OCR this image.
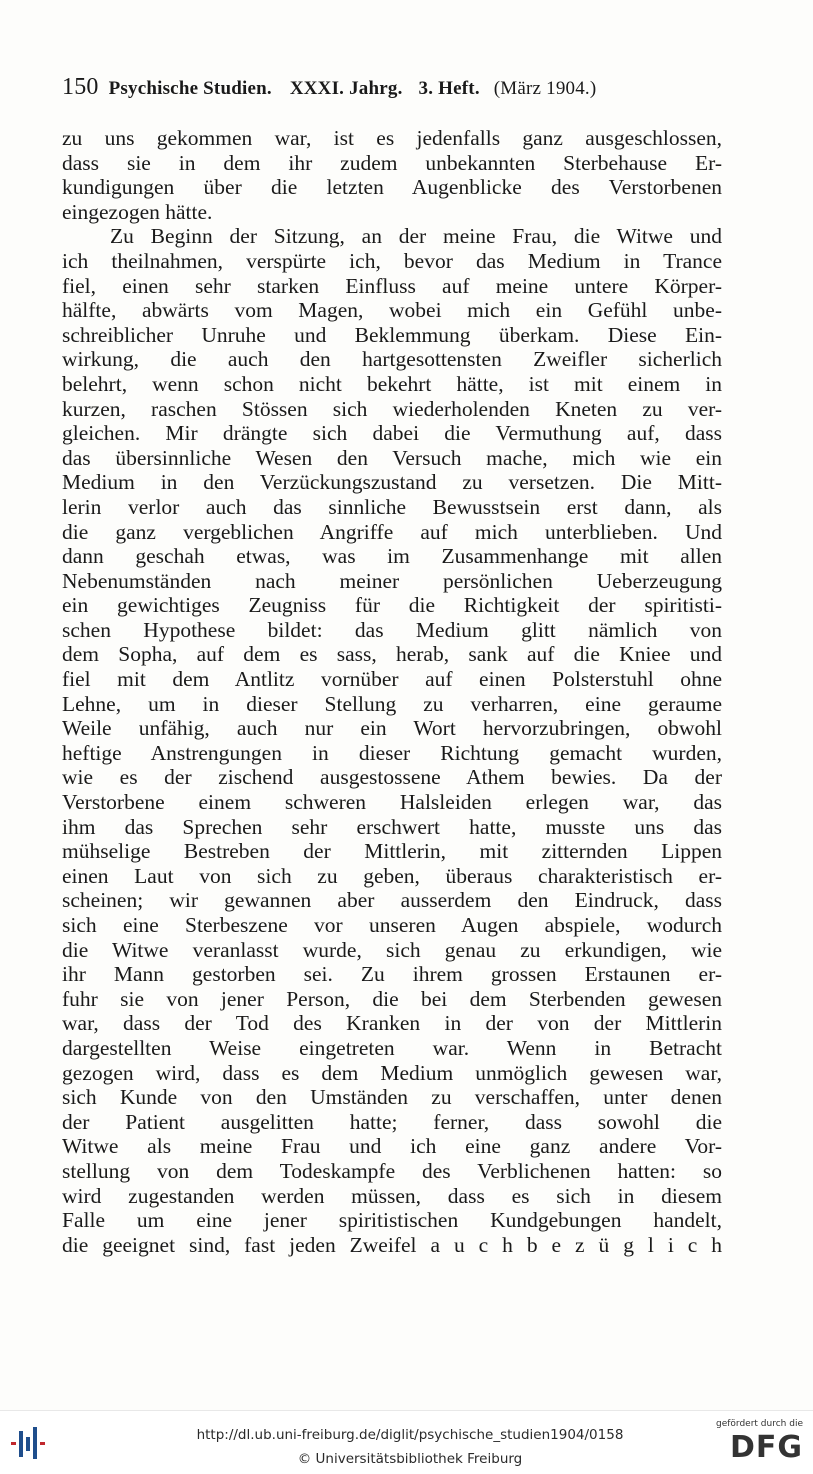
150 Psychische Studien. XXXI. Jahrg. 3. Heft. (März 1904.)
zu uns gekommen war, ist es jedenfalls ganz ausgeschlossen,
dass sie in dem ihr zudem unbekannten Sterbehause Er-
kundigungen über die letzten Augenblicke des Verstorbenen
eingezogen hätte.
Zu Beginn der Sitzung, an der meine Frau, die Witwe und
ich theilnahmen, verspürte ich, bevor das Medium in Trance
fiel, einen sehr starken Einfluss auf meine untere Körper-
hälfte, abwärts vom Magen, wobei mich ein Gefühl unbe-
schreiblicher Unruhe und Beklemmung überkam. Diese Ein-
wirkung, die auch den hartgesottensten Zweifler sicherlich
belehrt, wenn schon nicht bekehrt hätte, ist mit einem in
kurzen, raschen Stössen sich wiederholenden Kneten zu ver-
gleichen. Mir drängte sich dabei die Vermuthung auf, dass
das übersinnliche Wesen den Versuch mache, mich wie ein
Medium in den Verzückungszustand zu versetzen. Die Mitt-
lerin verlor auch das sinnliche Bewusstsein erst dann, als
die ganz vergeblichen Angriffe auf mich unterblieben. Und
dann geschah etwas, was im Zusammenhange mit allen
Nebenumständen nach meiner persönlichen Ueberzeugung
ein gewichtiges Zeugniss für die Richtigkeit der spiritisti-
schen Hypothese bildet: das Medium glitt nämlich von
dem Sopha, auf dem es sass, herab, sank auf die Kniee und
fiel mit dem Antlitz vornüber auf einen Polsterstuhl ohne
Lehne, um in dieser Stellung zu verharren, eine geraume
Weile unfähig, auch nur ein Wort hervorzubringen, obwohl
heftige Anstrengungen in dieser Richtung gemacht wurden,
wie es der zischend ausgestossene Athem bewies. Da der
Verstorbene einem schweren Halsleiden erlegen war, das
ihm das Sprechen sehr erschwert hatte, musste uns das
mühselige Bestreben der Mittlerin, mit zitternden Lippen
einen Laut von sich zu geben, überaus charakteristisch er-
scheinen; wir gewannen aber ausserdem den Eindruck, dass
sich eine Sterbeszene vor unseren Augen abspiele, wodurch
die Witwe veranlasst wurde, sich genau zu erkundigen, wie
ihr Mann gestorben sei. Zu ihrem grossen Erstaunen er-
fuhr sie von jener Person, die bei dem Sterbenden gewesen
war, dass der Tod des Kranken in der von der Mittlerin
dargestellten Weise eingetreten war. Wenn in Betracht
gezogen wird, dass es dem Medium unmöglich gewesen war,
sich Kunde von den Umständen zu verschaffen, unter denen
der Patient ausgelitten hatte; ferner, dass sowohl die
Witwe als meine Frau und ich eine ganz andere Vor-
stellung von dem Todeskampfe des Verblichenen hatten: so
wird zugestanden werden müssen, dass es sich in diesem
Falle um eine jener spiritistischen Kundgebungen handelt,
die geeignet sind, fast jeden Zweifel a u c h b e z ü g l i c h
http://dl.ub.uni-freiburg.de/diglit/psychische_studien1904/0158
© Universitätsbibliothek Freiburg
gefördert durch die
DFG
